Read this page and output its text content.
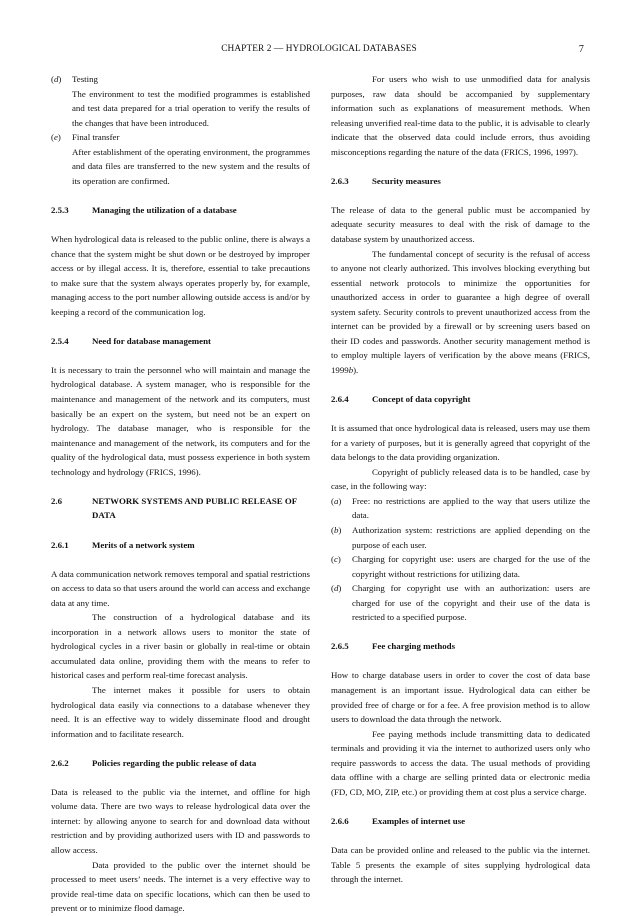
CHAPTER 2 — HYDROLOGICAL DATABASES	7
(d) Testing

The environment to test the modified programmes is established and test data prepared for a trial operation to verify the results of the changes that have been introduced.

(e) Final transfer

After establishment of the operating environment, the programmes and data files are transferred to the new system and the results of its operation are confirmed.

2.5.3	Managing the utilization of a database

When hydrological data is released to the public online, there is always a chance that the system might be shut down or be destroyed by improper access or by illegal access. It is, therefore, essential to take precautions to make sure that the system always operates properly by, for example, managing access to the port number allowing outside access is and/or by keeping a record of the communication log.

2.5.4	Need for database management

It is necessary to train the personnel who will maintain and manage the hydrological database. A system manager, who is responsible for the maintenance and management of the network and its computers, must basically be an expert on the system, but need not be an expert on hydrology. The database manager, who is responsible for the maintenance and management of the network, its computers and for the quality of the hydrological data, must possess experience in both system technology and hydrology (FRICS, 1996).

2.6	NETWORK SYSTEMS AND PUBLIC RELEASE OF DATA
2.6.1	Merits of a network system

A data communication network removes temporal and spatial restrictions on access to data so that users around the world can access and exchange data at any time.

The construction of a hydrological database and its incorporation in a network allows users to monitor the state of hydrological cycles in a river basin or globally in real-time or obtain accumulated data online, providing them with the means to refer to historical cases and perform real-time forecast analysis.

The internet makes it possible for users to obtain hydrological data easily via connections to a database whenever they need. It is an effective way to widely disseminate flood and drought information and to facilitate research.

2.6.2	Policies regarding the public release of data

Data is released to the public via the internet, and offline for high volume data. There are two ways to release hydrological data over the internet: by allowing anyone to search for and download data without restriction and by providing authorized users with ID and passwords to allow access.

Data provided to the public over the internet should be processed to meet users’ needs. The internet is a very effective way to provide real-time data on specific locations, which can then be used to prevent or to minimize flood damage.

For users who wish to use unmodified data for analysis purposes, raw data should be accompanied by supplementary information such as explanations of measurement methods. When releasing unverified real-time data to the public, it is advisable to clearly indicate that the observed data could include errors, thus avoiding misconceptions regarding the nature of the data (FRICS, 1996, 1997).

2.6.3	Security measures

The release of data to the general public must be accompanied by adequate security measures to deal with the risk of damage to the database system by unauthorized access.

The fundamental concept of security is the refusal of access to anyone not clearly authorized. This involves blocking everything but essential network protocols to minimize the opportunities for unauthorized access in order to guarantee a high degree of overall system safety. Security controls to prevent unauthorized access from the internet can be provided by a firewall or by screening users based on their ID codes and passwords. Another security management method is to employ multiple layers of verification by the above means (FRICS, 1999b).

2.6.4	Concept of data copyright

It is assumed that once hydrological data is released, users may use them for a variety of purposes, but it is generally agreed that copyright of the data belongs to the data providing organization.

Copyright of publicly released data is to be handled, case by case, in the following way:

(a) Free: no restrictions are applied to the way that users utilize the data.

(b) Authorization system: restrictions are applied depending on the purpose of each user.

(c) Charging for copyright use: users are charged for the use of the copyright without restrictions for utilizing data.

(d) Charging for copyright use with an authorization: users are charged for use of the copyright and their use of the data is restricted to a specified purpose.

2.6.5	Fee charging methods

How to charge database users in order to cover the cost of data base management is an important issue. Hydrological data can either be provided free of charge or for a fee. A free provision method is to allow users to download the data through the network.

Fee paying methods include transmitting data to dedicated terminals and providing it via the internet to authorized users only who require passwords to access the data. The usual methods of providing data offline with a charge are selling printed data or electronic media (FD, CD, MO, ZIP, etc.) or providing them at cost plus a service charge.

2.6.6	Examples of internet use

Data can be provided online and released to the public via the internet. Table 5 presents the example of sites supplying hydrological data through the internet.
